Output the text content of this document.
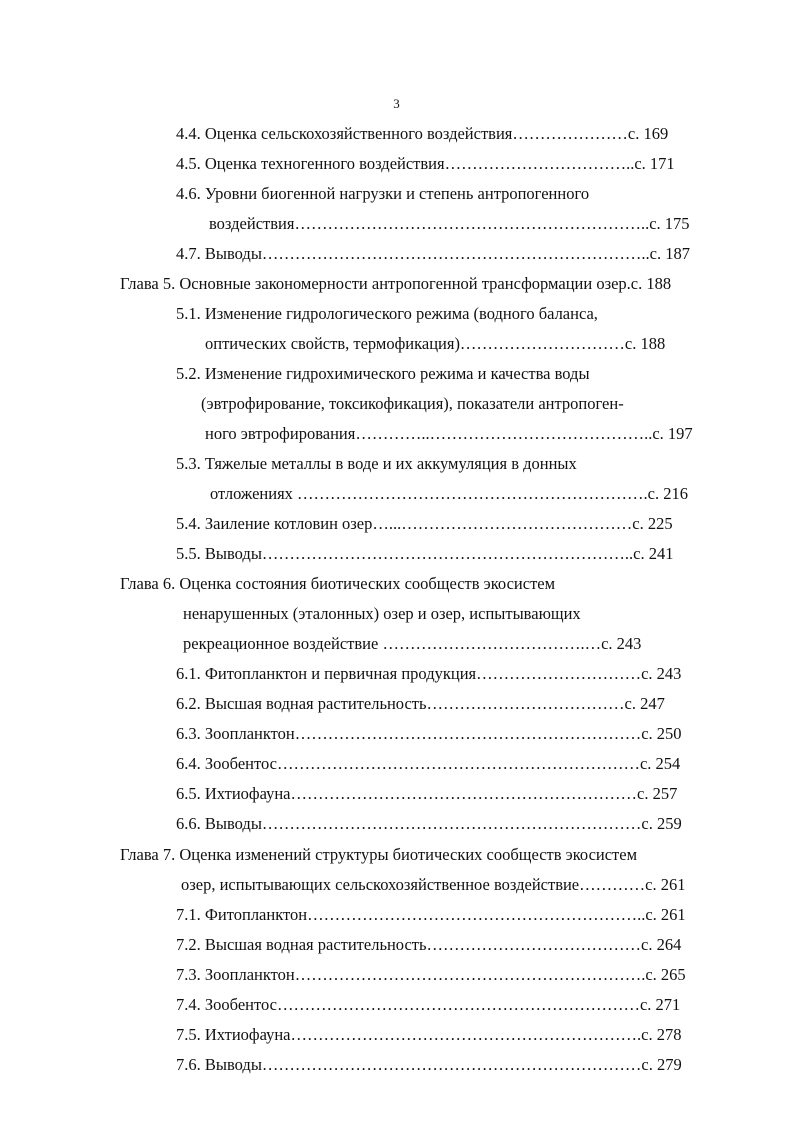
3
4.4. Оценка сельскохозяйственного воздействия…………………с. 169
4.5. Оценка техногенного воздействия……………………………..с. 171
4.6. Уровни биогенной нагрузки и степень антропогенного
воздействия………………………………………………………..с. 175
4.7. Выводы……………………………………………………………..с. 187
Глава 5. Основные закономерности антропогенной трансформации озер.с. 188
5.1. Изменение гидрологического режима (водного баланса,
оптических свойств, термофикация)…………………………с. 188
5.2. Изменение гидрохимического режима и качества воды
(эвтрофирование, токсикофикация), показатели антропоген-
ного эвтрофирования…………..…………………………………..с. 197
5.3. Тяжелые металлы в воде и их аккумуляция в донных
отложениях ……………………………………………………….с. 216
5.4. Заиление котловин озер…...……………………………………с. 225
5.5. Выводы…………………………………………………………..с. 241
Глава 6. Оценка состояния биотических сообществ экосистем
ненарушенных (эталонных) озер и озер, испытывающих
рекреационное воздействие ……………………………….…с. 243
6.1. Фитопланктон и первичная продукция…………………………с. 243
6.2. Высшая водная растительность………………………………с. 247
6.3. Зоопланктон………………………………………………………с. 250
6.4. Зообентос…………………………………………………………с. 254
6.5. Ихтиофауна………………………………………………………с. 257
6.6. Выводы……………………………………………………………с. 259
Глава 7. Оценка изменений структуры биотических сообществ экосистем
озер, испытывающих сельскохозяйственное воздействие…………с. 261
7.1. Фитопланктон……………………………………………………..с. 261
7.2. Высшая водная растительность…………………………………с. 264
7.3. Зоопланктон……………………………………………………….с. 265
7.4. Зообентос…………………………………………………………с. 271
7.5. Ихтиофауна……………………………………………………….с. 278
7.6. Выводы……………………………………………………………с. 279
